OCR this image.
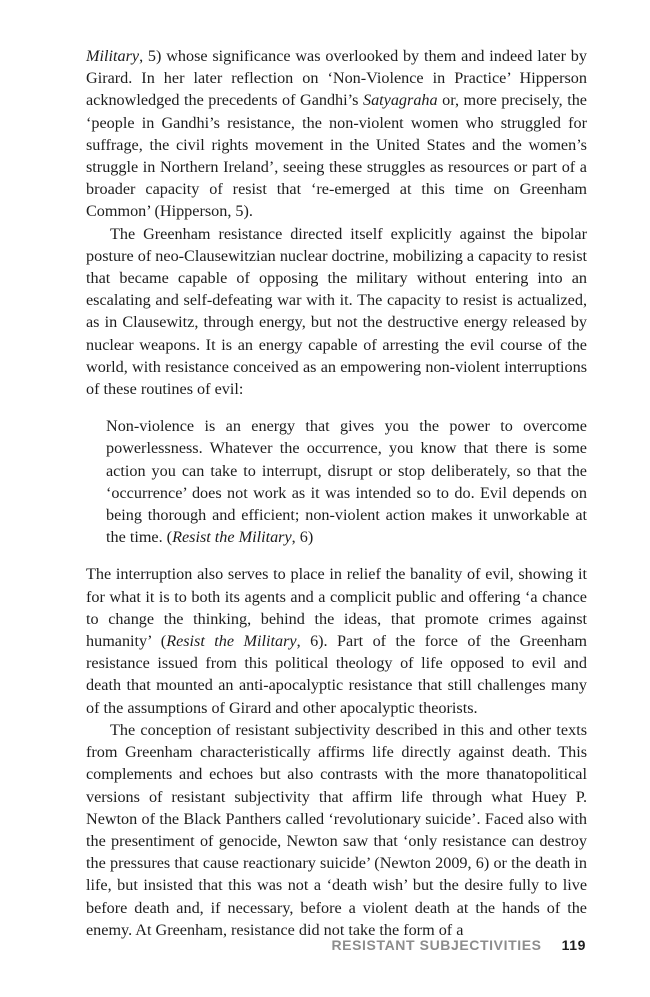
Military, 5) whose significance was overlooked by them and indeed later by Girard. In her later reflection on ‘Non-Violence in Practice’ Hipperson acknowledged the precedents of Gandhi’s Satyagraha or, more precisely, the ‘people in Gandhi’s resistance, the non-violent women who struggled for suffrage, the civil rights movement in the United States and the women’s struggle in Northern Ireland’, seeing these struggles as resources or part of a broader capacity of resist that ‘re-emerged at this time on Greenham Common’ (Hipperson, 5).

The Greenham resistance directed itself explicitly against the bipolar posture of neo-Clausewitzian nuclear doctrine, mobilizing a capacity to resist that became capable of opposing the military without entering into an escalating and self-defeating war with it. The capacity to resist is actualized, as in Clausewitz, through energy, but not the destructive energy released by nuclear weapons. It is an energy capable of arresting the evil course of the world, with resistance conceived as an empowering non-violent interruptions of these routines of evil:

Non-violence is an energy that gives you the power to overcome powerlessness. Whatever the occurrence, you know that there is some action you can take to interrupt, disrupt or stop deliberately, so that the ‘occurrence’ does not work as it was intended so to do. Evil depends on being thorough and efficient; non-violent action makes it unworkable at the time. (Resist the Military, 6)

The interruption also serves to place in relief the banality of evil, showing it for what it is to both its agents and a complicit public and offering ‘a chance to change the thinking, behind the ideas, that promote crimes against humanity’ (Resist the Military, 6). Part of the force of the Greenham resistance issued from this political theology of life opposed to evil and death that mounted an anti-apocalyptic resistance that still challenges many of the assumptions of Girard and other apocalyptic theorists.

The conception of resistant subjectivity described in this and other texts from Greenham characteristically affirms life directly against death. This complements and echoes but also contrasts with the more thanatopolitical versions of resistant subjectivity that affirm life through what Huey P. Newton of the Black Panthers called ‘revolutionary suicide’. Faced also with the presentiment of genocide, Newton saw that ‘only resistance can destroy the pressures that cause reactionary suicide’ (Newton 2009, 6) or the death in life, but insisted that this was not a ‘death wish’ but the desire fully to live before death and, if necessary, before a violent death at the hands of the enemy. At Greenham, resistance did not take the form of a

RESISTANT SUBJECTIVITIES 119
